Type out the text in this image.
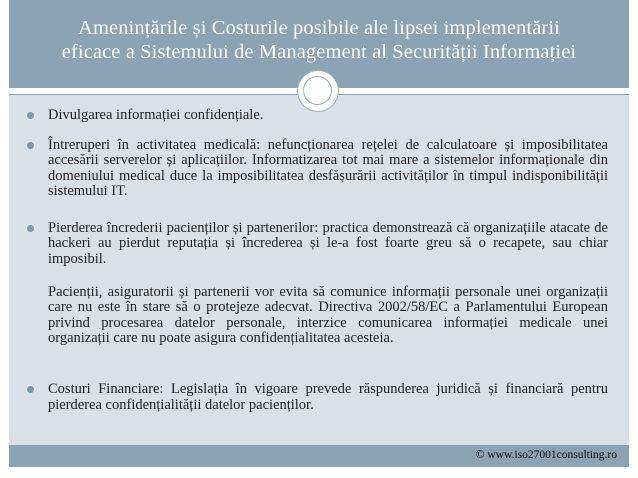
Amenințările și Costurile posibile ale lipsei implementării
eficace a Sistemului de Management al Securității Informației

Divulgarea informației confidențiale.

Întreruperi în activitatea medicală: nefuncționarea rețelei de calculatoare și imposibilitatea accesării serverelor și aplicațiilor. Informatizarea tot mai mare a sistemelor informaționale din domeniului medical duce la imposibilitatea desfășurării activităților în timpul indisponibilității sistemului IT.

Pierderea încrederii pacienților și partenerilor: practica demonstrează că organizațiile atacate de hackeri au pierdut reputația și încrederea și le-a fost foarte greu să o recapete, sau chiar imposibil.

Pacienții, asiguratorii și partenerii vor evita să comunice informații personale unei organizații care nu este în stare să o protejeze adecvat. Directiva 2002/58/EC a Parlamentului European privind procesarea datelor personale, interzice comunicarea informației medicale unei organizații care nu poate asigura confidențialitatea acesteia.

Costuri Financiare: Legislația în vigoare prevede răspunderea juridică și financiară pentru pierderea confidențialității datelor pacienților.

© www.iso27001consulting.ro
